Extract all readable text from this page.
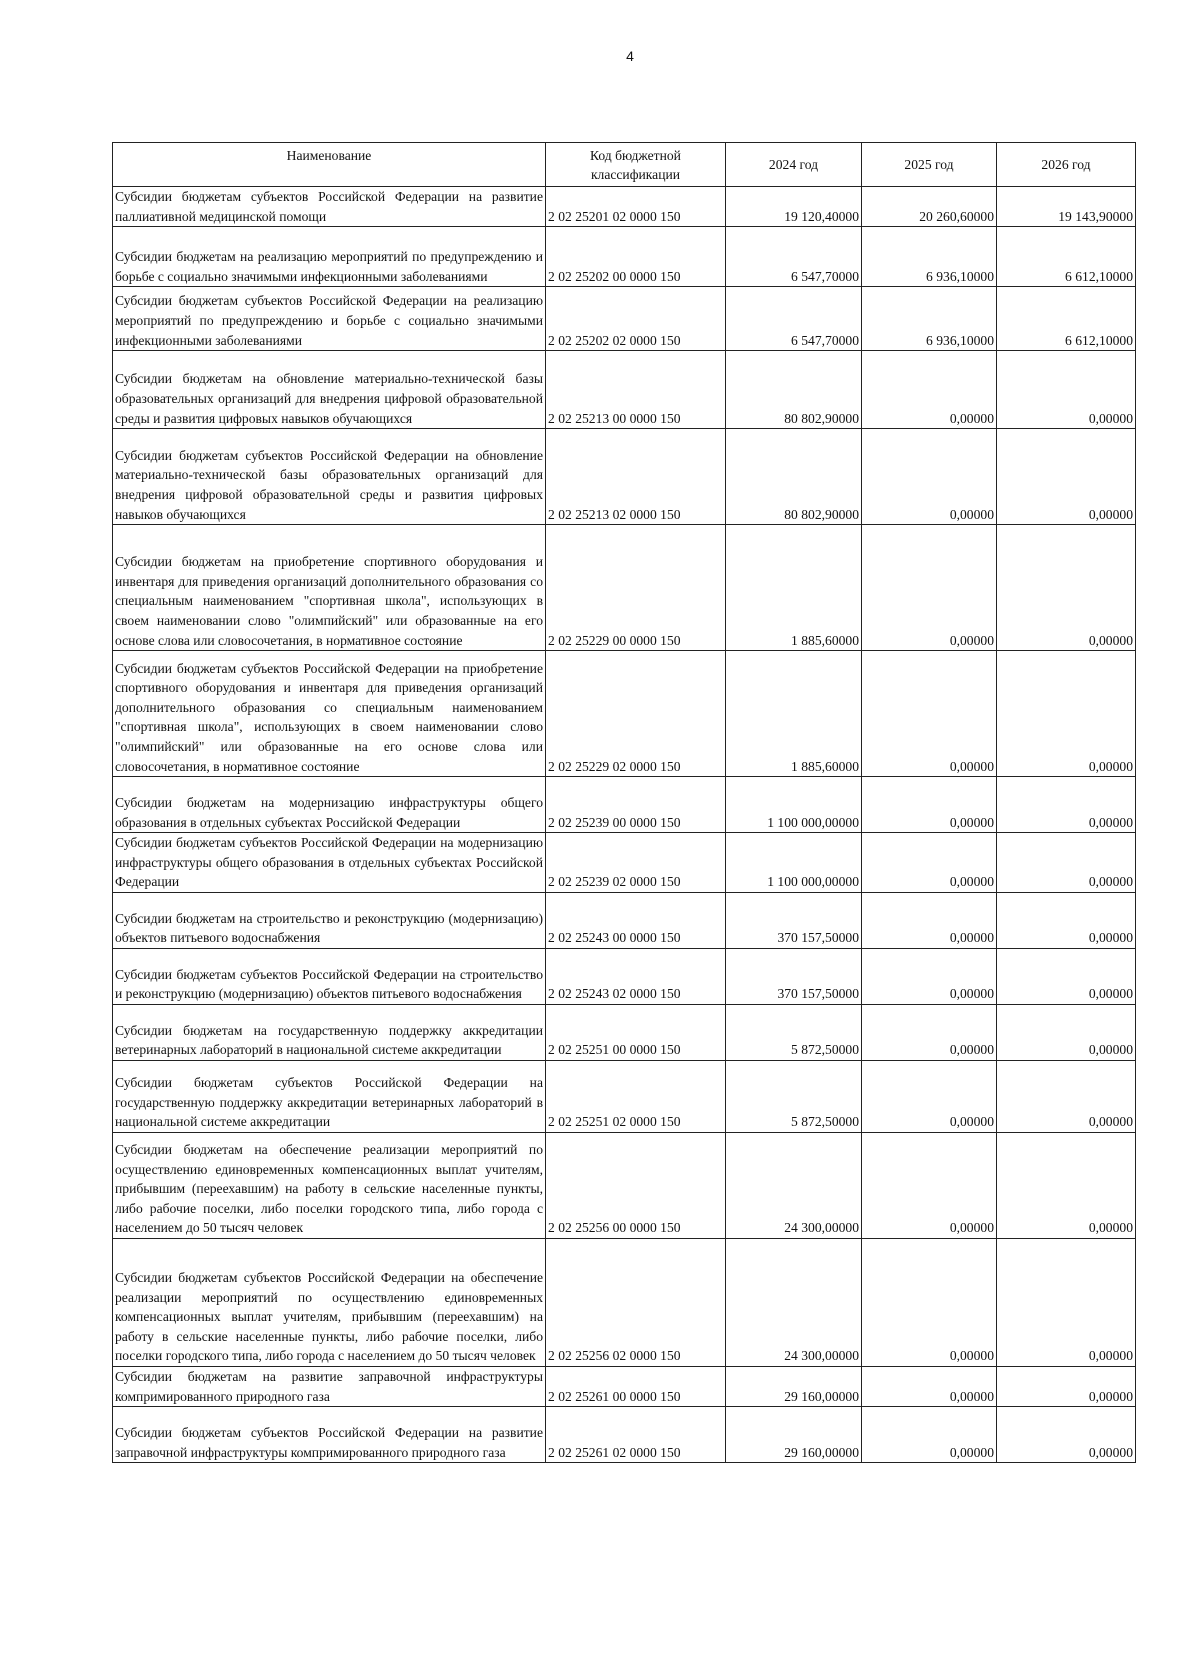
4
Наименование	Код бюджетной классификации	2024 год	2025 год	2026 год
Субсидии бюджетам субъектов Российской Федерации на развитие паллиативной медицинской помощи	2 02 25201 02 0000 150	19 120,40000	20 260,60000	19 143,90000
Субсидии бюджетам на реализацию мероприятий по предупреждению и борьбе с социально значимыми инфекционными заболеваниями	2 02 25202 00 0000 150	6 547,70000	6 936,10000	6 612,10000
Субсидии бюджетам субъектов Российской Федерации на реализацию мероприятий по предупреждению и борьбе с социально значимыми инфекционными заболеваниями	2 02 25202 02 0000 150	6 547,70000	6 936,10000	6 612,10000
Субсидии бюджетам на обновление материально-технической базы образовательных организаций для внедрения цифровой образовательной среды и развития цифровых навыков обучающихся	2 02 25213 00 0000 150	80 802,90000	0,00000	0,00000
Субсидии бюджетам субъектов Российской Федерации на обновление материально-технической базы образовательных организаций для внедрения цифровой образовательной среды и развития цифровых навыков обучающихся	2 02 25213 02 0000 150	80 802,90000	0,00000	0,00000
Субсидии бюджетам на приобретение спортивного оборудования и инвентаря для приведения организаций дополнительного образования со специальным наименованием "спортивная школа", использующих в своем наименовании слово "олимпийский" или образованные на его основе слова или словосочетания, в нормативное состояние	2 02 25229 00 0000 150	1 885,60000	0,00000	0,00000
Субсидии бюджетам субъектов Российской Федерации на приобретение спортивного оборудования и инвентаря для приведения организаций дополнительного образования со специальным наименованием "спортивная школа", использующих в своем наименовании слово "олимпийский" или образованные на его основе слова или словосочетания, в нормативное состояние	2 02 25229 02 0000 150	1 885,60000	0,00000	0,00000
Субсидии бюджетам на модернизацию инфраструктуры общего образования в отдельных субъектах Российской Федерации	2 02 25239 00 0000 150	1 100 000,00000	0,00000	0,00000
Субсидии бюджетам субъектов Российской Федерации на модернизацию инфраструктуры общего образования в отдельных субъектах Российской Федерации	2 02 25239 02 0000 150	1 100 000,00000	0,00000	0,00000
Субсидии бюджетам на строительство и реконструкцию (модернизацию) объектов питьевого водоснабжения	2 02 25243 00 0000 150	370 157,50000	0,00000	0,00000
Субсидии бюджетам субъектов Российской Федерации на строительство и реконструкцию (модернизацию) объектов питьевого водоснабжения	2 02 25243 02 0000 150	370 157,50000	0,00000	0,00000
Субсидии бюджетам на государственную поддержку аккредитации ветеринарных лабораторий в национальной системе аккредитации	2 02 25251 00 0000 150	5 872,50000	0,00000	0,00000
Субсидии бюджетам субъектов Российской Федерации на государственную поддержку аккредитации ветеринарных лабораторий в национальной системе аккредитации	2 02 25251 02 0000 150	5 872,50000	0,00000	0,00000
Субсидии бюджетам на обеспечение реализации мероприятий по осуществлению единовременных компенсационных выплат учителям, прибывшим (переехавшим) на работу в сельские населенные пункты, либо рабочие поселки, либо поселки городского типа, либо города с населением до 50 тысяч человек	2 02 25256 00 0000 150	24 300,00000	0,00000	0,00000
Субсидии бюджетам субъектов Российской Федерации на обеспечение реализации мероприятий по осуществлению единовременных компенсационных выплат учителям, прибывшим (переехавшим) на работу в сельские населенные пункты, либо рабочие поселки, либо поселки городского типа, либо города с населением до 50 тысяч человек	2 02 25256 02 0000 150	24 300,00000	0,00000	0,00000
Субсидии бюджетам на развитие заправочной инфраструктуры компримированного природного газа	2 02 25261 00 0000 150	29 160,00000	0,00000	0,00000
Субсидии бюджетам субъектов Российской Федерации на развитие заправочной инфраструктуры компримированного природного газа	2 02 25261 02 0000 150	29 160,00000	0,00000	0,00000
